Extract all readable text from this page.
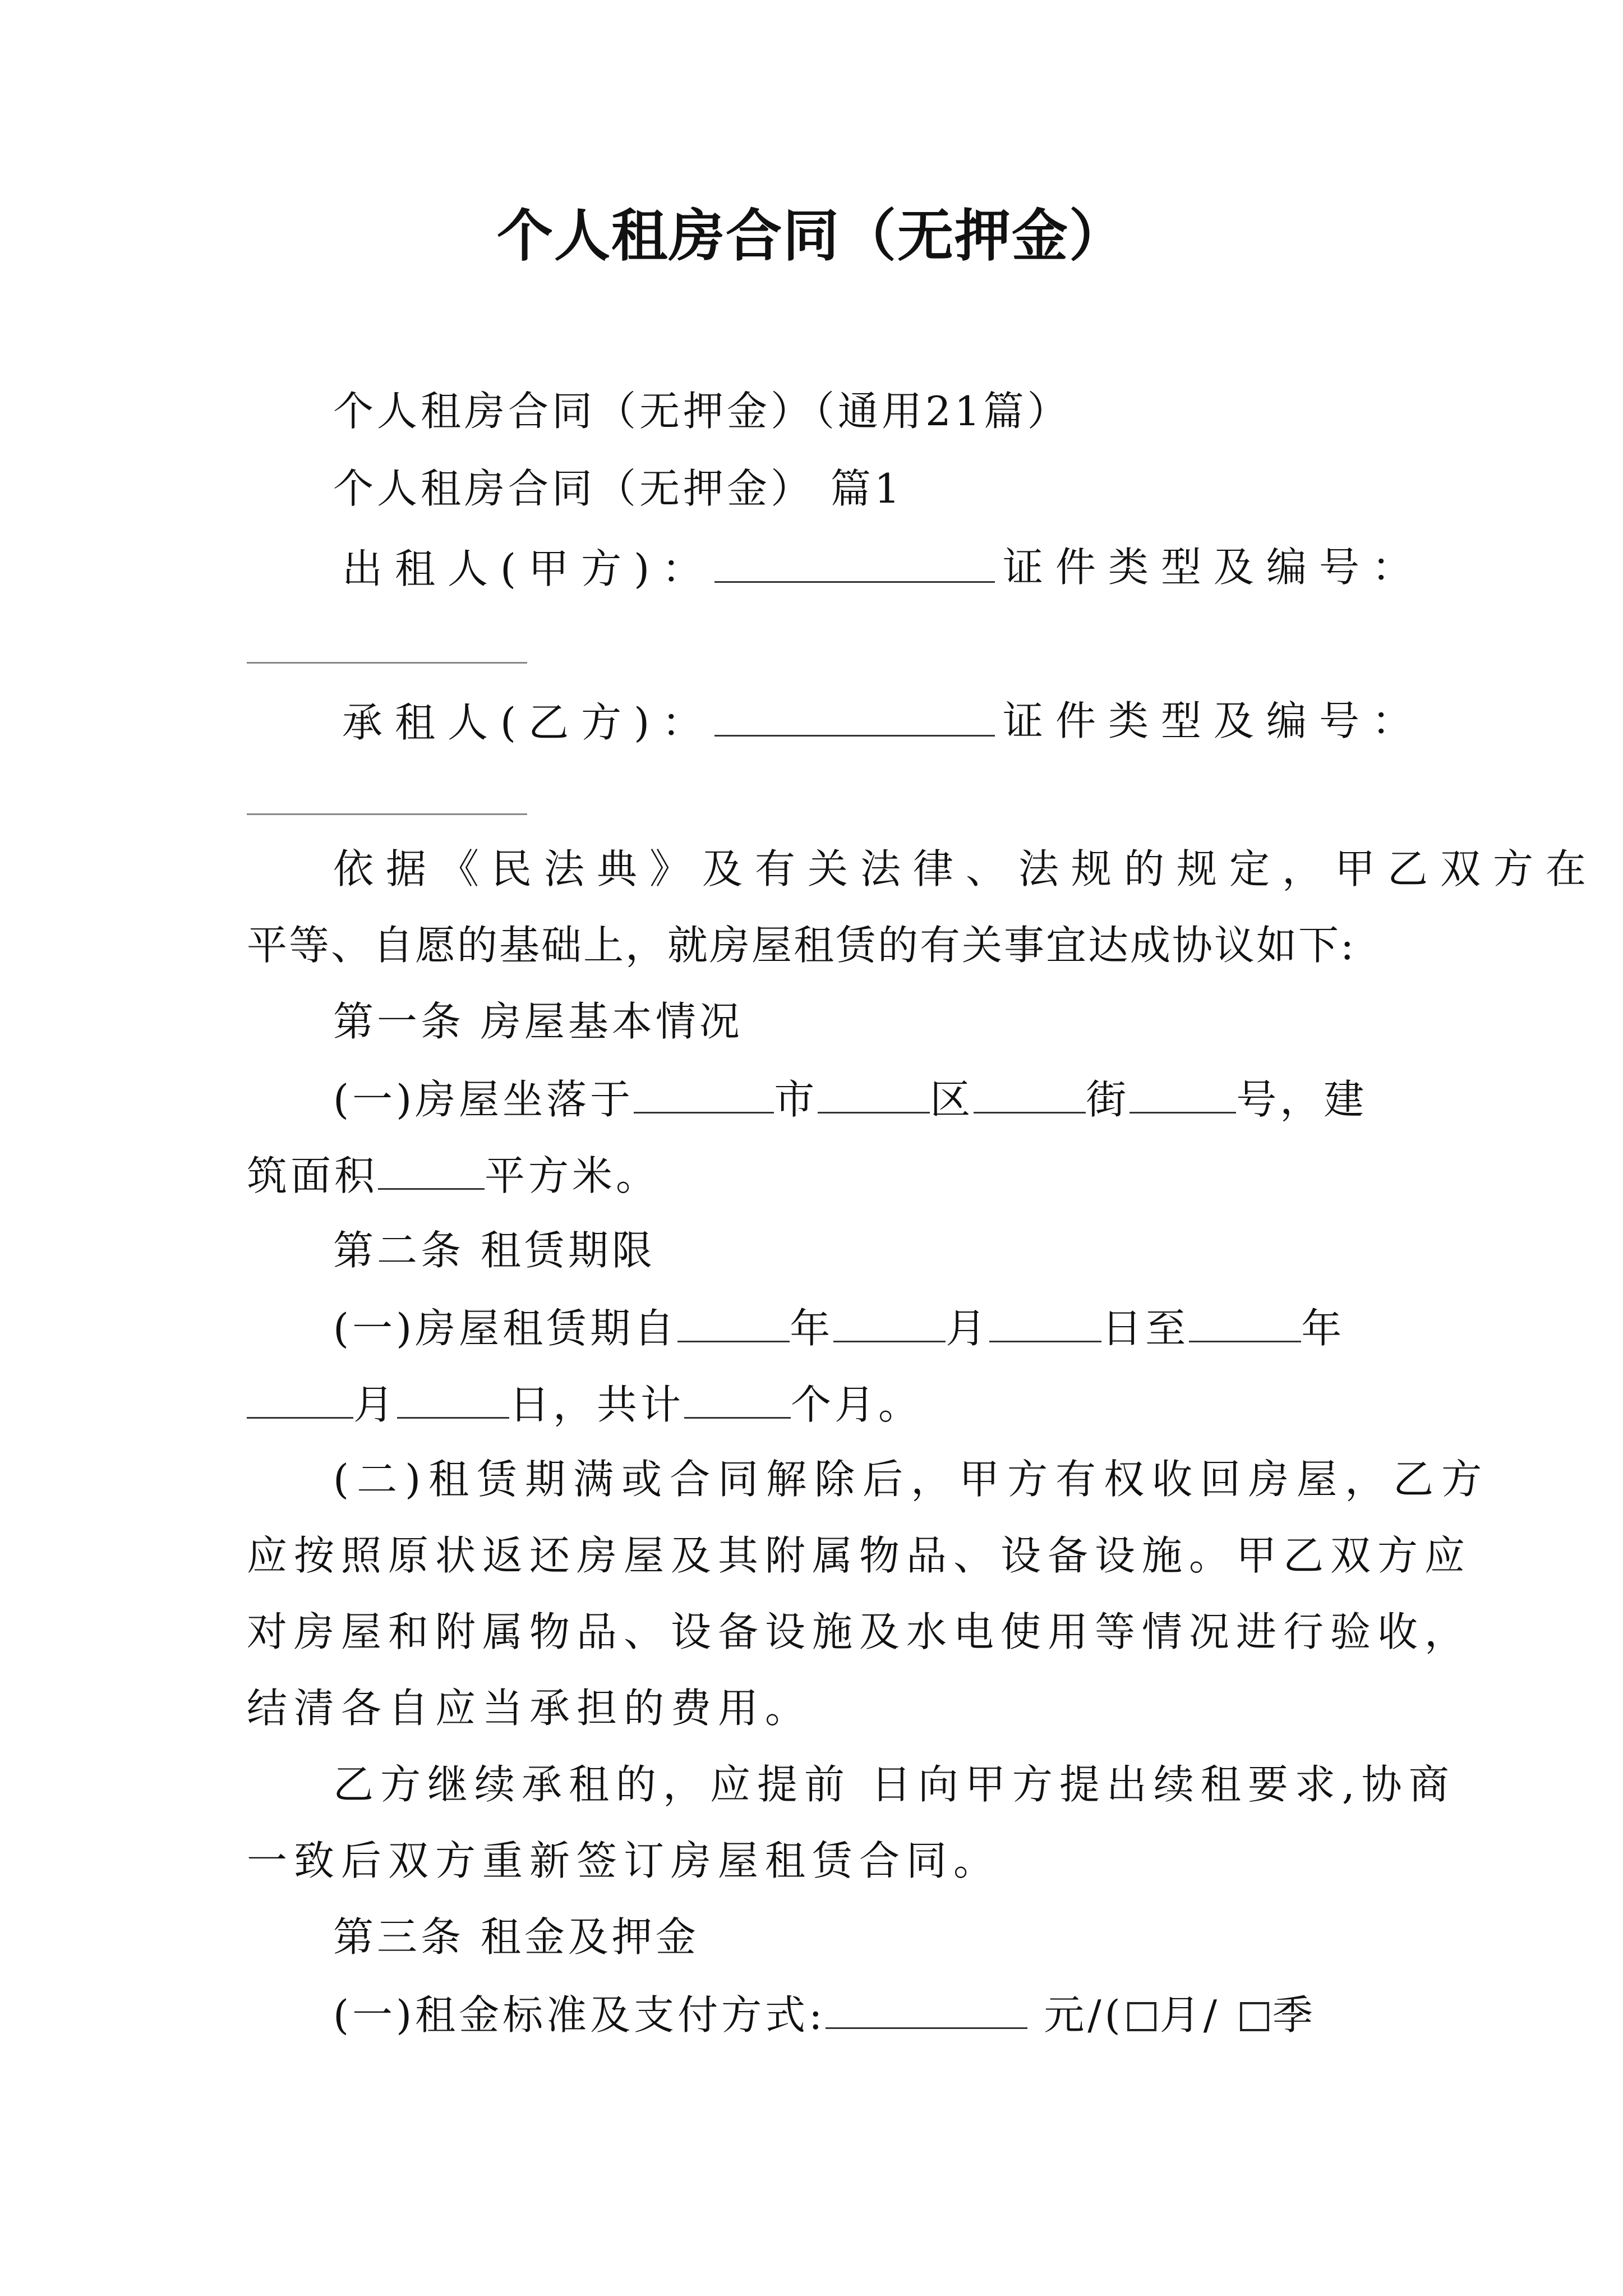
个人租房合同（无押金）
个人租房合同（无押金）（通用21篇）
个人租房合同（无押金） 篇1
出租人(甲方)：	证件类型及编号：
承租人(乙方)：	证件类型及编号：
依据《民法典》及有关法律、法规的规定，甲乙双方在
平等、自愿的基础上，就房屋租赁的有关事宜达成协议如下:
第一条 房屋基本情况
(一)房屋坐落于	市	区	街	号，建
筑面积	平方米。
第二条 租赁期限
(一)房屋租赁期自	年	月	日至	年
月	日，共计	个月。
(二)租赁期满或合同解除后，甲方有权收回房屋，乙方
应按照原状返还房屋及其附属物品、设备设施。甲乙双方应
对房屋和附属物品、设备设施及水电使用等情况进行验收，
结清各自应当承担的费用。
乙方继续承租的，应提前 日向甲方提出续租要求,协商
一致后双方重新签订房屋租赁合同。
第三条 租金及押金
(一)租金标准及支付方式:	元/( 月/ 季
